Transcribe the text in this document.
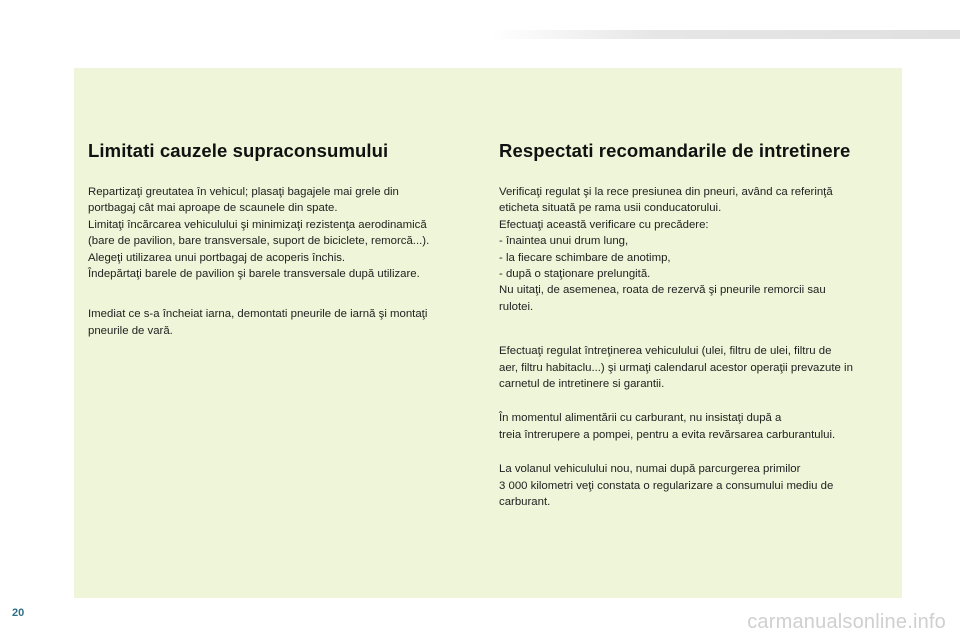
Limitati cauzele supraconsumului

Repartizaţi greutatea în vehicul; plasaţi bagajele mai grele din
portbagaj cât mai aproape de scaunele din spate.
Limitaţi încărcarea vehiculului şi minimizaţi rezistenţa aerodinamică
(bare de pavilion, bare transversale, suport de biciclete, remorcă...).
Alegeţi utilizarea unui portbagaj de acoperis închis.
Îndepărtaţi barele de pavilion şi barele transversale după utilizare.

Imediat ce s-a încheiat iarna, demontati pneurile de iarnă şi montaţi
pneurile de vară.

Respectati recomandarile de intretinere

Verificaţi regulat şi la rece presiunea din pneuri, având ca referinţă
eticheta situată pe rama usii conducatorului.
Efectuaţi această verificare cu precădere:
- înaintea unui drum lung,
- la fiecare schimbare de anotimp,
- după o staţionare prelungită.
Nu uitaţi, de asemenea, roata de rezervă şi pneurile remorcii sau
rulotei.

Efectuaţi regulat întreţinerea vehiculului (ulei, filtru de ulei, filtru de
aer, filtru habitaclu...) şi urmaţi calendarul acestor operaţii prevazute in
carnetul de intretinere si garantii.

În momentul alimentării cu carburant, nu insistaţi după a
treia întrerupere a pompei, pentru a evita revărsarea carburantului.

La volanul vehiculului nou, numai după parcurgerea primilor
3 000 kilometri veţi constata o regularizare a consumului mediu de
carburant.

20	carmanualsonline.info
